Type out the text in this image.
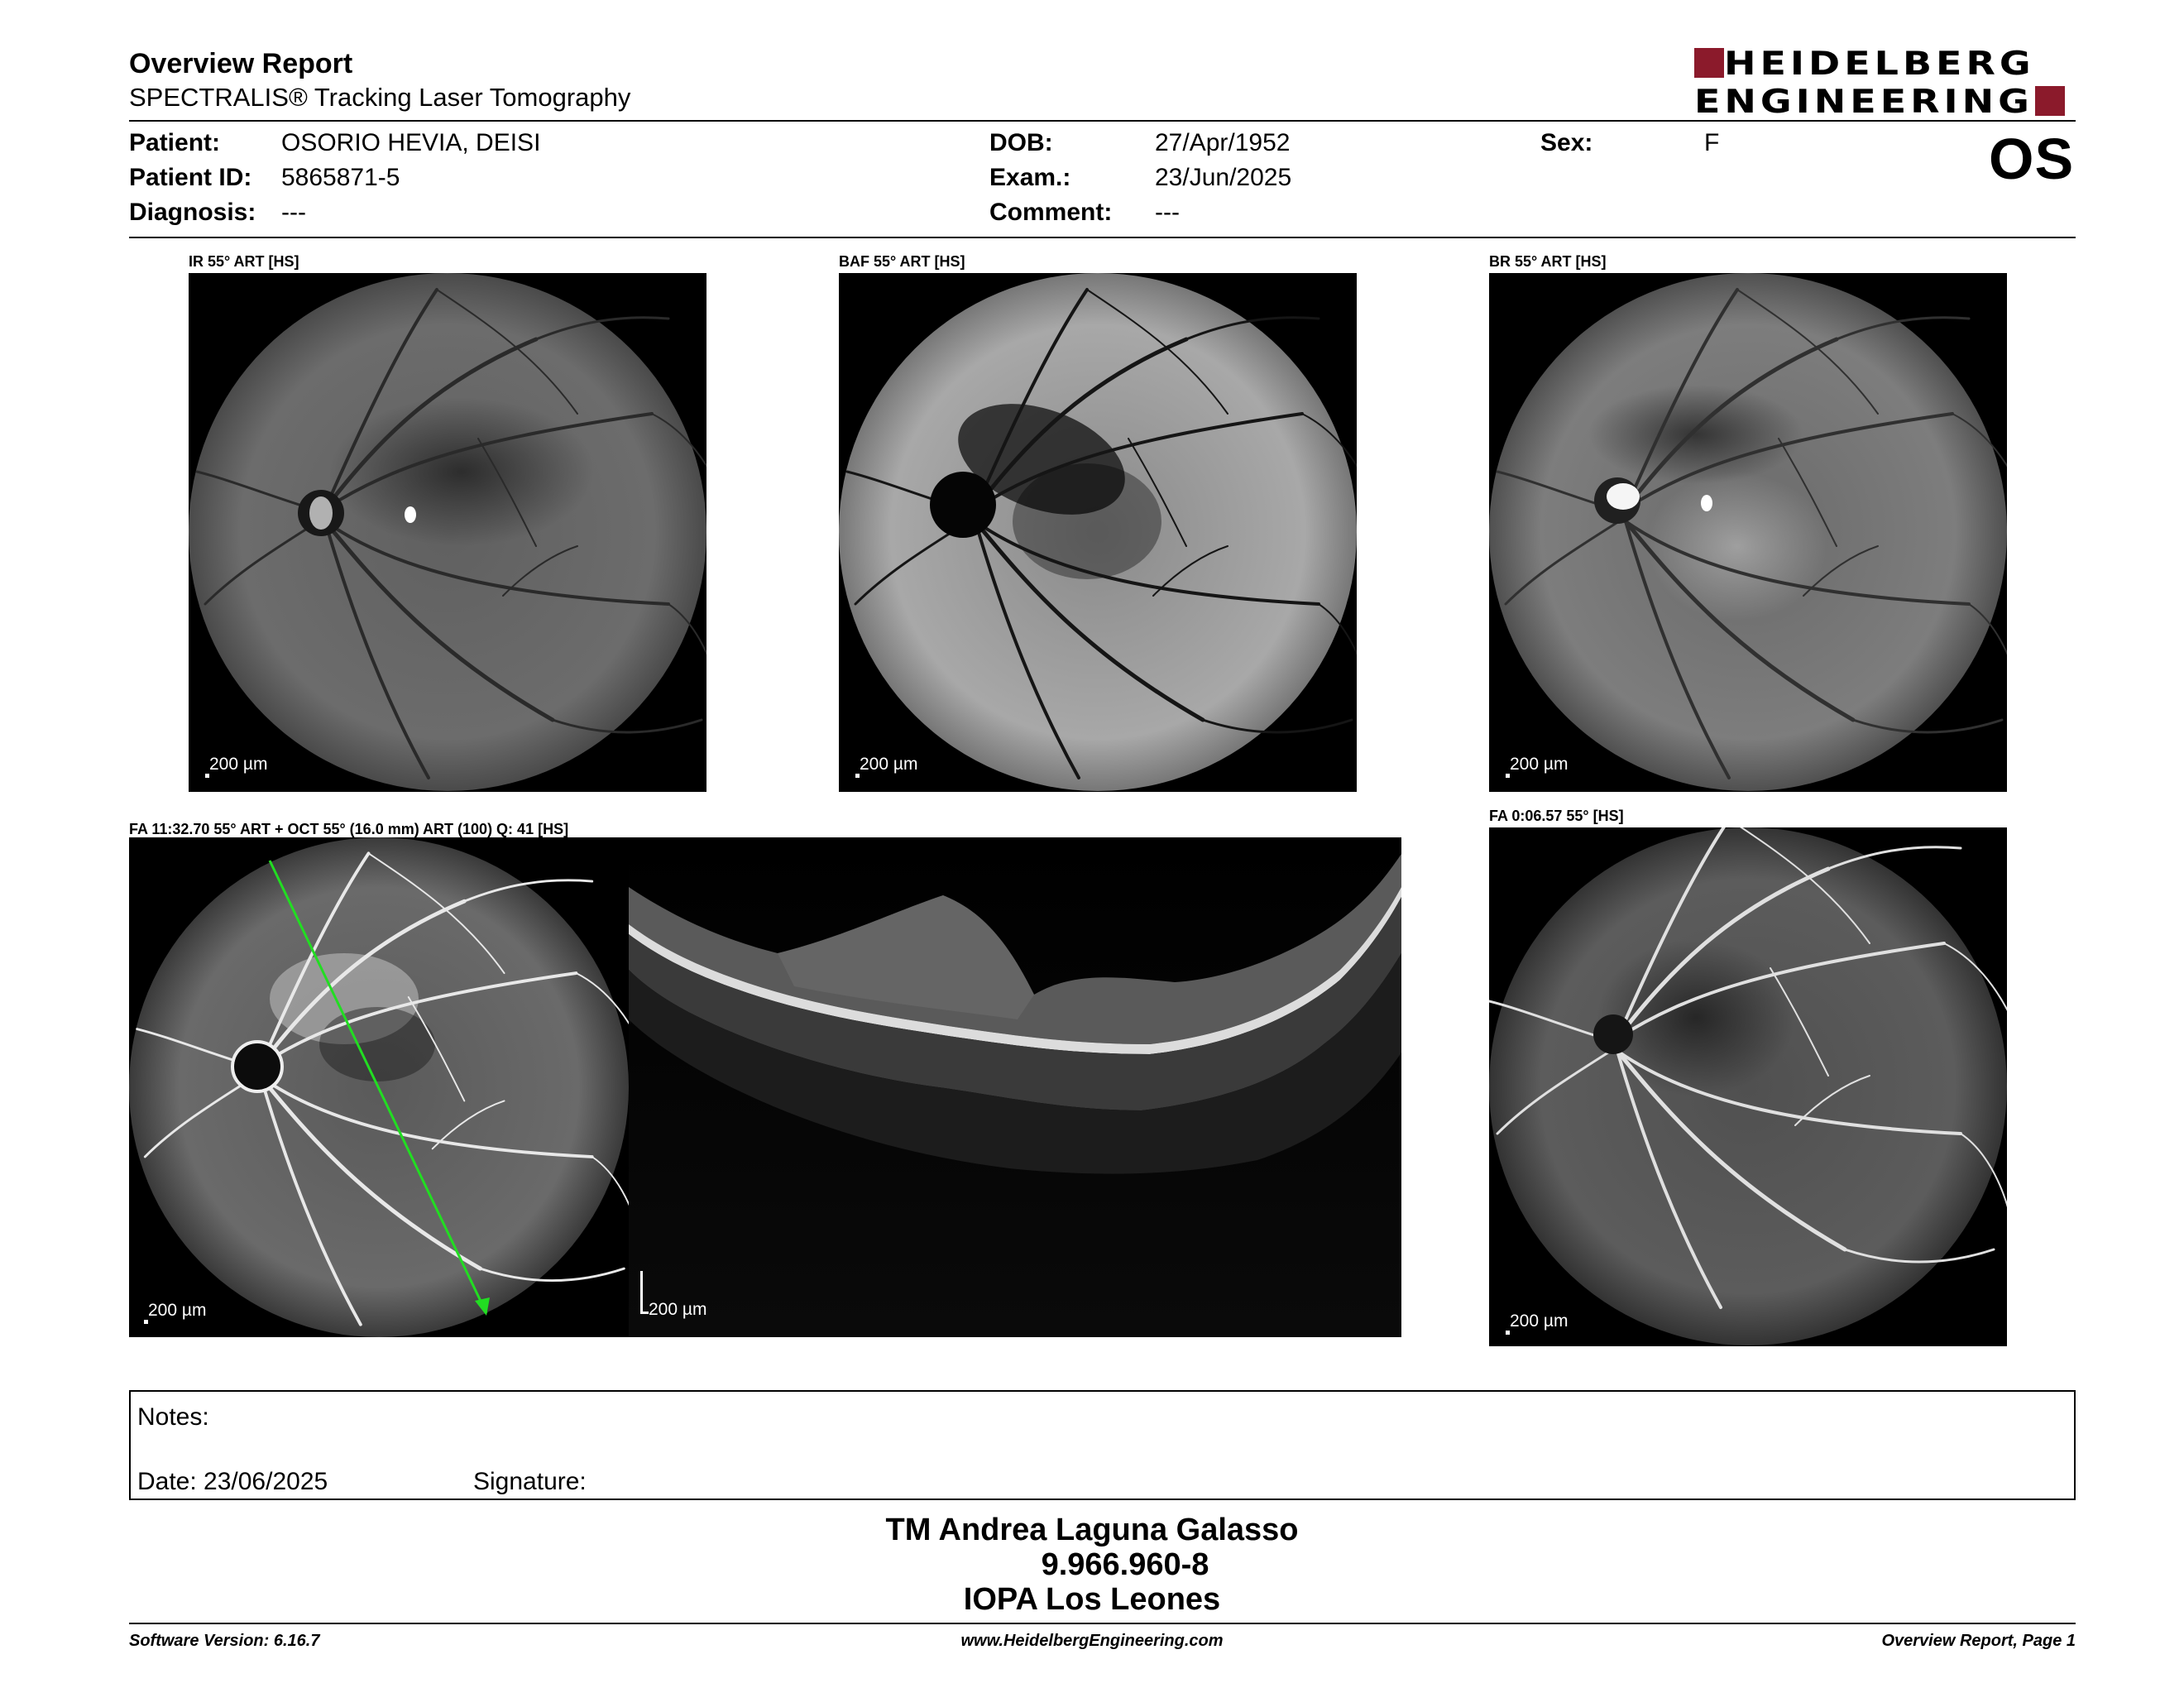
Overview Report
SPECTRALIS® Tracking Laser Tomography
HEIDELBERG
ENGINEERING
OS
Patient: OSORIO HEVIA, DEISI
Patient ID: 5865871-5
Diagnosis: ---
DOB:	27/Apr/1952
Exam.:	23/Jun/2025
Comment: ---
Sex:	F
IR 55° ART [HS]
200 µm
BAF 55° ART [HS]
200 µm
BR 55° ART [HS]
200 µm
FA 11:32.70 55° ART + OCT 55° (16.0 mm) ART (100) Q: 41 [HS]
200 µm	200 µm
FA 0:06.57 55° [HS]
200 µm
Notes:
Date: 23/06/2025	Signature:
TM Andrea Laguna Galasso
9.966.960-8
IOPA Los Leones
Software Version: 6.16.7	www.HeidelbergEngineering.com	Overview Report, Page 1
